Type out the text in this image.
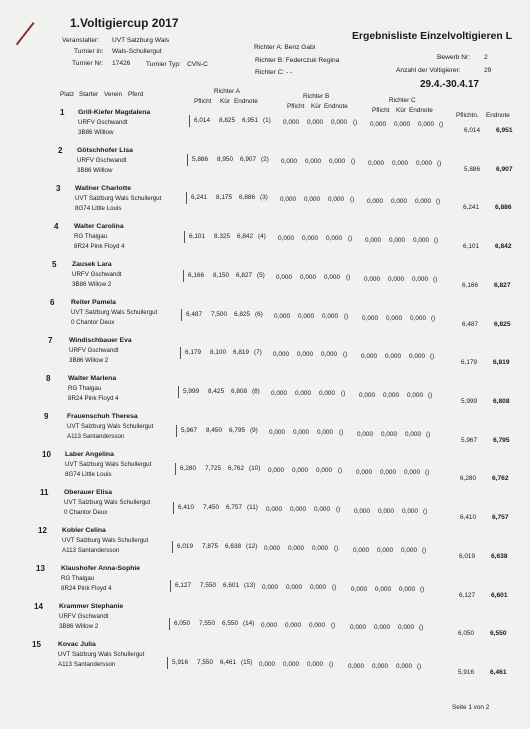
1.Voltigiercup 2017
Veranstalter: UVT Salzburg Wals
Turnier in: Wals-Schullergut
Turnier Nr: 17426 Turnier Typ: CVN-C
Richter A: Benz Gabi
Richter B: Federczuk Regina
Richter C: - -
Ergebnisliste Einzelvoltigieren L
Bewerb Nr: 2
Anzahl der Voltigierer:	29
29.4.-30.4.17
Platz Starter Verein Pferd	Richter A
Pflicht Kür Endnote
Richter B
Pflicht Kür Endnote
Richter C
Pflicht Kür Endnote
Pflichtn. Endnote
1 Grill-Kiefer Magdalena
URFV Gschwandt
3B86 Willlow
6,014 8,825 6,951 (1) 0,000 0,000 0,000 () 0,000 0,000 0,000 ()
6,014 6,951
2 Götschhofer Lisa
URFV Gschwandt
3B86 Willlow
5,886 8,950 6,907 (2) 0,000 0,000 0,000 () 0,000 0,000 0,000 ()
5,886 6,907
3 Wallner Charlotte
UVT Salzburg Wals Schullergut
8G74 Little Louis
6,241 8,175 6,886 (3) 0,000 0,000 0,000 () 0,000 0,000 0,000 ()
6,241 6,886
4 Walter Carolina
RG Thalgau
8R24 Pink Floyd 4
6,101 8,325 6,842 (4) 0,000 0,000 0,000 () 0,000 0,000 0,000 ()
6,101 6,842
5 Zausek Lara
URFV Gschwandt
3B86 Willow 2
6,166 8,150 6,827 (5) 0,000 0,000 0,000 () 0,000 0,000 0,000 ()
6,166 6,827
6 Reiter Pamela
UVT Salzburg Wals Schullergut
0 Chantor Deux
6,487 7,500 6,825 (6) 0,000 0,000 0,000 () 0,000 0,000 0,000 ()
6,487 6,825
7 Windischbauer Eva
URFV Gschwandt
3B86 Willow 2
6,179 8,100 6,819 (7) 0,000 0,000 0,000 () 0,000 0,000 0,000 ()
6,179 6,819
8	Walter Marlena
RG Thalgau
8R24 Pink Floyd 4
5,999 8,425 6,808 (8) 0,000 0,000 0,000 () 0,000 0,000 0,000 ()
5,999 6,808
9	Frauenschuh Theresa
UVT Salzburg Wals Schullergut
A113 Santandersson
5,967 8,450 6,795 (9) 0,000 0,000 0,000 () 0,000 0,000 0,000 ()
5,967 6,795
10 Laber Angelina
UVT Salzburg Wals Schullergut
8G74 Little Louis
6,280 7,725 6,762 (10) 0,000 0,000 0,000 () 0,000 0,000 0,000 ()
6,280 6,762
11 Oberauer Elisa
UVT Salzburg Wals Schullergut
0 Chantor Deux
6,410 7,450 6,757 (11) 0,000 0,000 0,000 () 0,000 0,000 0,000 ()
6,410 6,757
12 Kobler Celina
UVT Salzburg Wals Schullergut
A113 Santandersson
6,019 7,875 6,638 (12) 0,000 0,000 0,000 () 0,000 0,000 0,000 ()
6,019 6,638
13 Klaushofer Anna-Sophie
RG Thalgau
8R24 Pink Floyd 4	6,127 7,550 6,601 (13) 0,000 0,000 0,000 () 0,000 0,000 0,000 ()
6,127 6,601
14 Krammer Stephanie
URFV Gschwandt
3B86 Willow 2	6,050 7,550 6,550 (14) 0,000 0,000 0,000 () 0,000 0,000 0,000 ()
6,050 6,550
15	Kovac Julia
UVT Salzburg Wals Schullergut
A113 Santandersson	5,916 7,550 6,461 (15) 0,000 0,000 0,000 () 0,000 0,000 0,000 ()
5,916 6,461
Seite 1 von 2
